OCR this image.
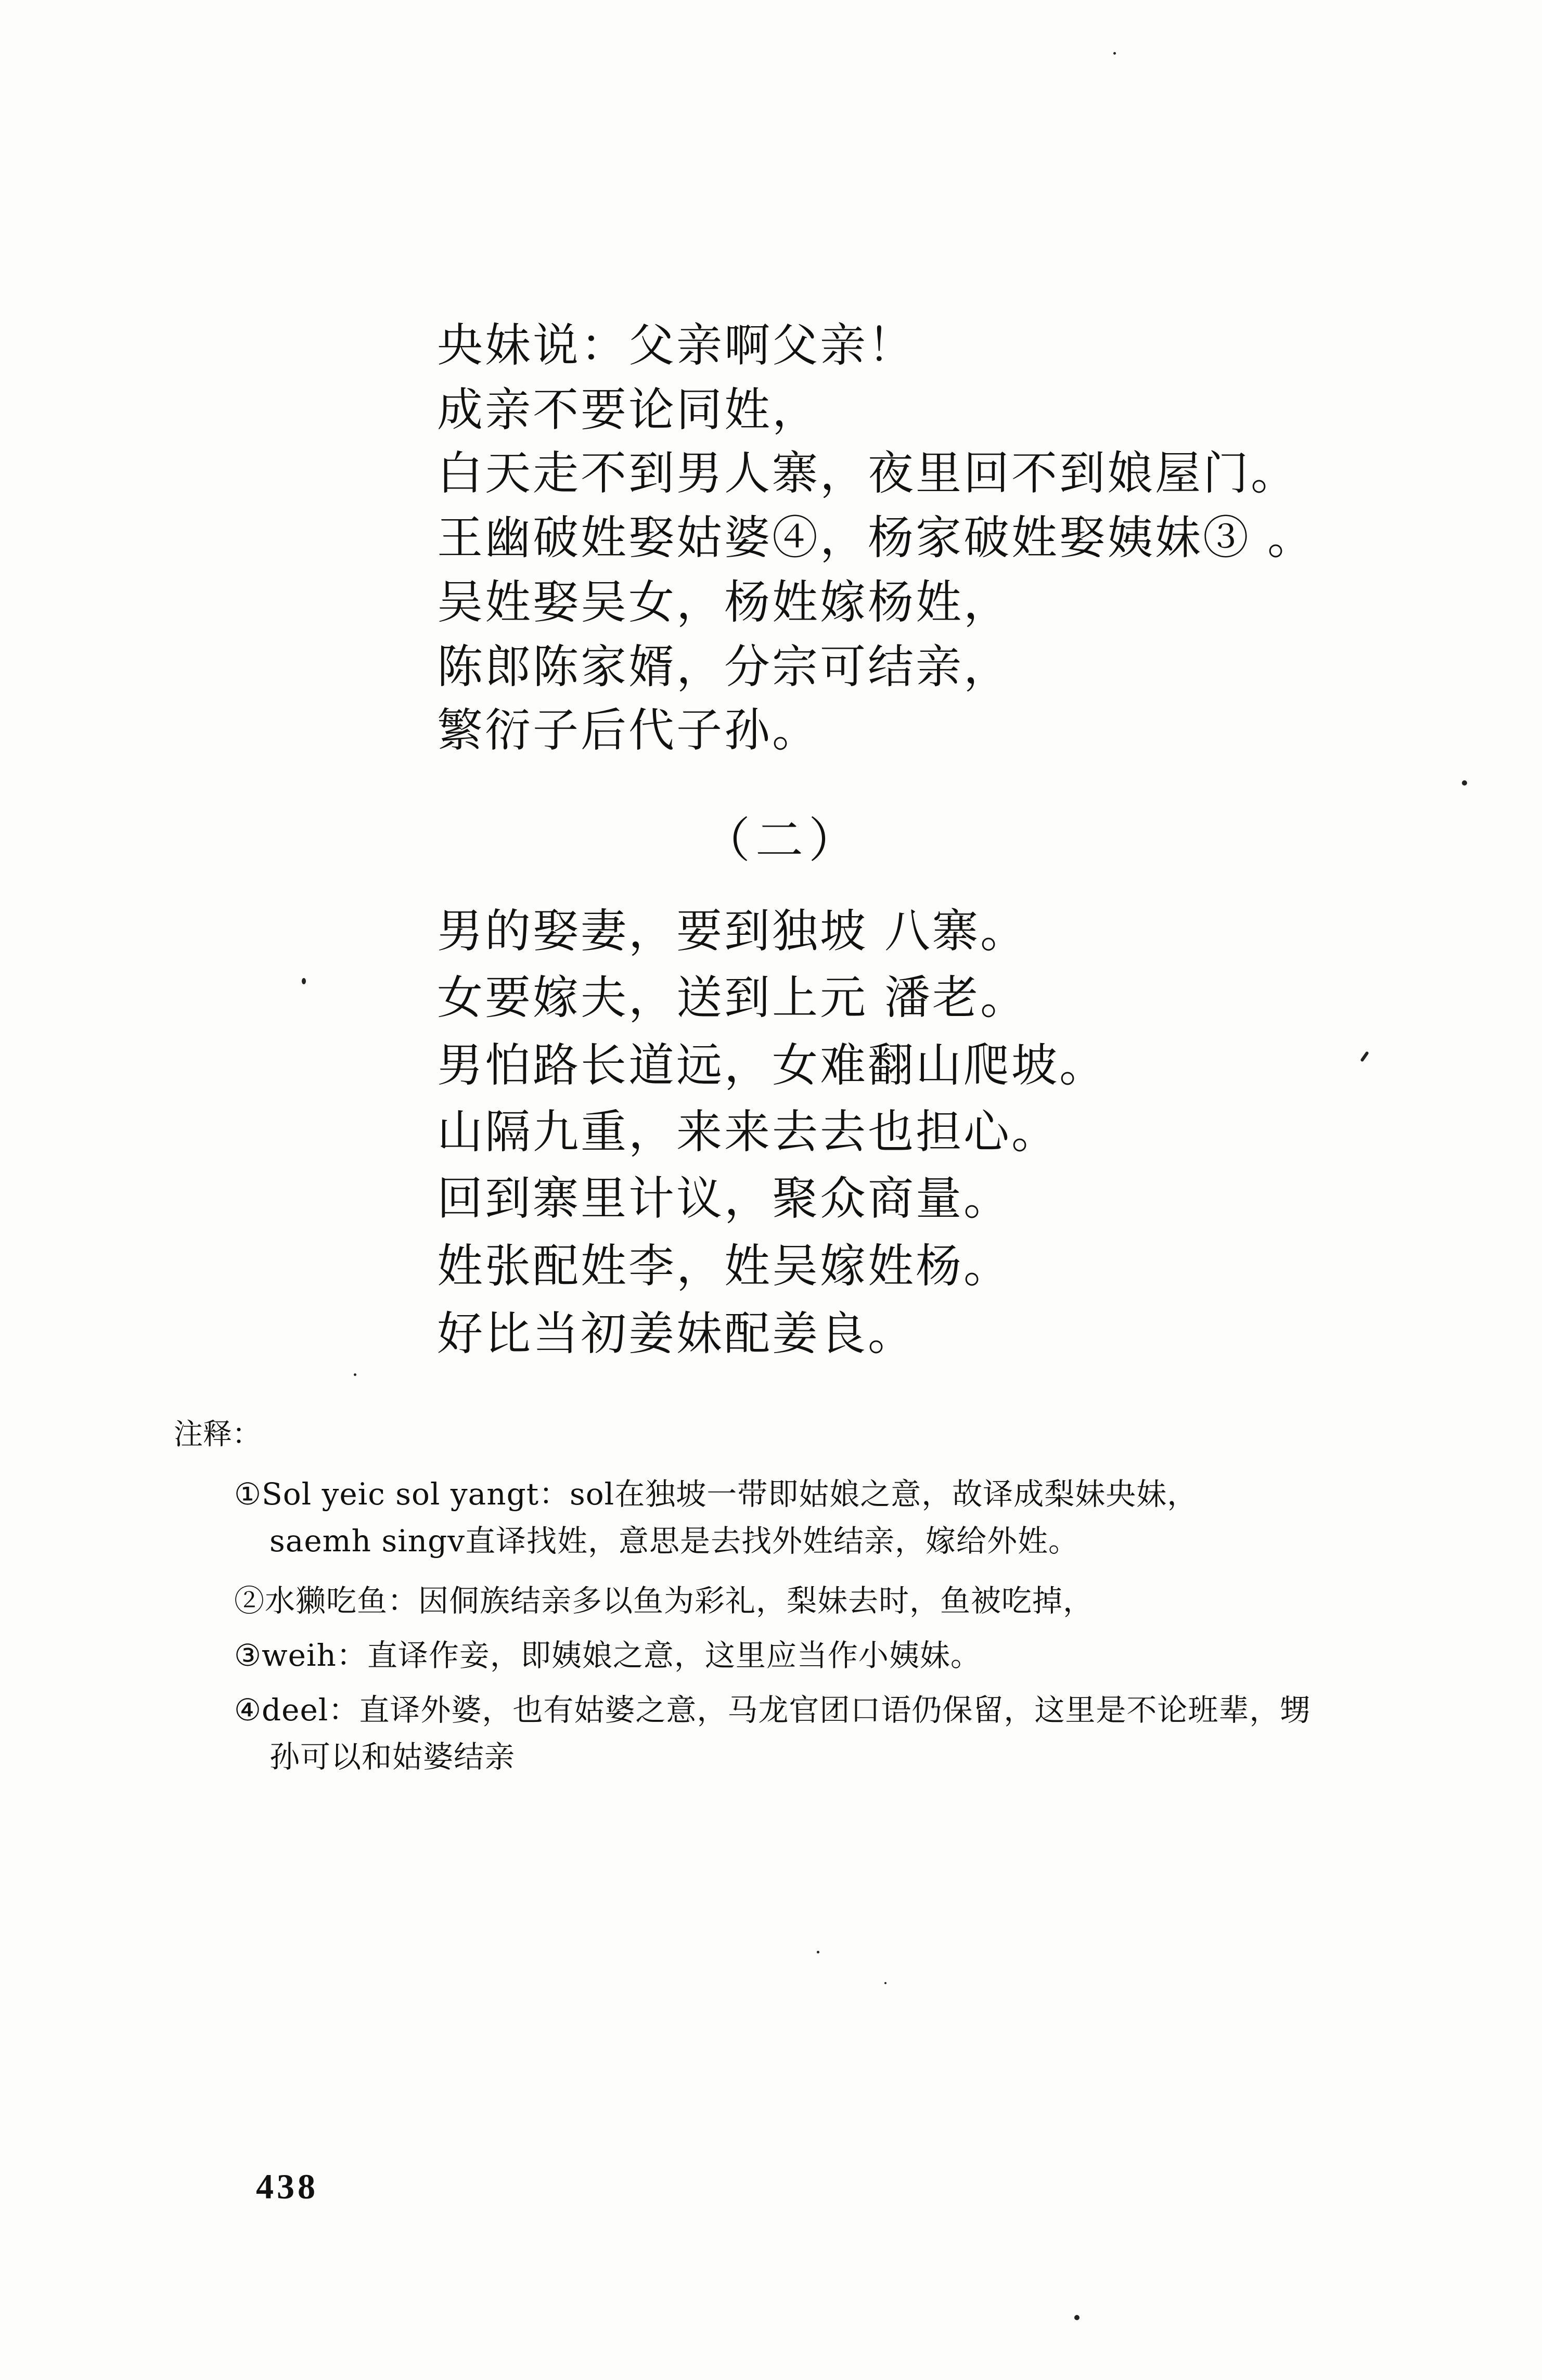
央妹说：父亲啊父亲！
成亲不要论同姓，
白天走不到男人寨，夜里回不到娘屋门。
王幽破姓娶姑婆④，杨家破姓娶姨妹③ 。
吴姓娶吴女，杨姓嫁杨姓，
陈郎陈家婿，分宗可结亲，
繁衍子后代子孙。
（二）
男的娶妻，要到独坡 八寨。
女要嫁夫，送到上元 潘老。
男怕路长道远，女难翻山爬坡。
山隔九重，来来去去也担心。
回到寨里计议，聚众商量。
姓张配姓李，姓吴嫁姓杨。
好比当初姜妹配姜良。
注释：
①Sol yeic sol yangt：sol在独坡一带即姑娘之意，故译成梨妹央妹，
saemh singv直译找姓，意思是去找外姓结亲，嫁给外姓。
②水獭吃鱼：因侗族结亲多以鱼为彩礼，梨妹去时，鱼被吃掉，
③weih：直译作妾，即姨娘之意，这里应当作小姨妹。
④deel：直译外婆，也有姑婆之意，马龙官团口语仍保留，这里是不论班辈，甥
孙可以和姑婆结亲
438
